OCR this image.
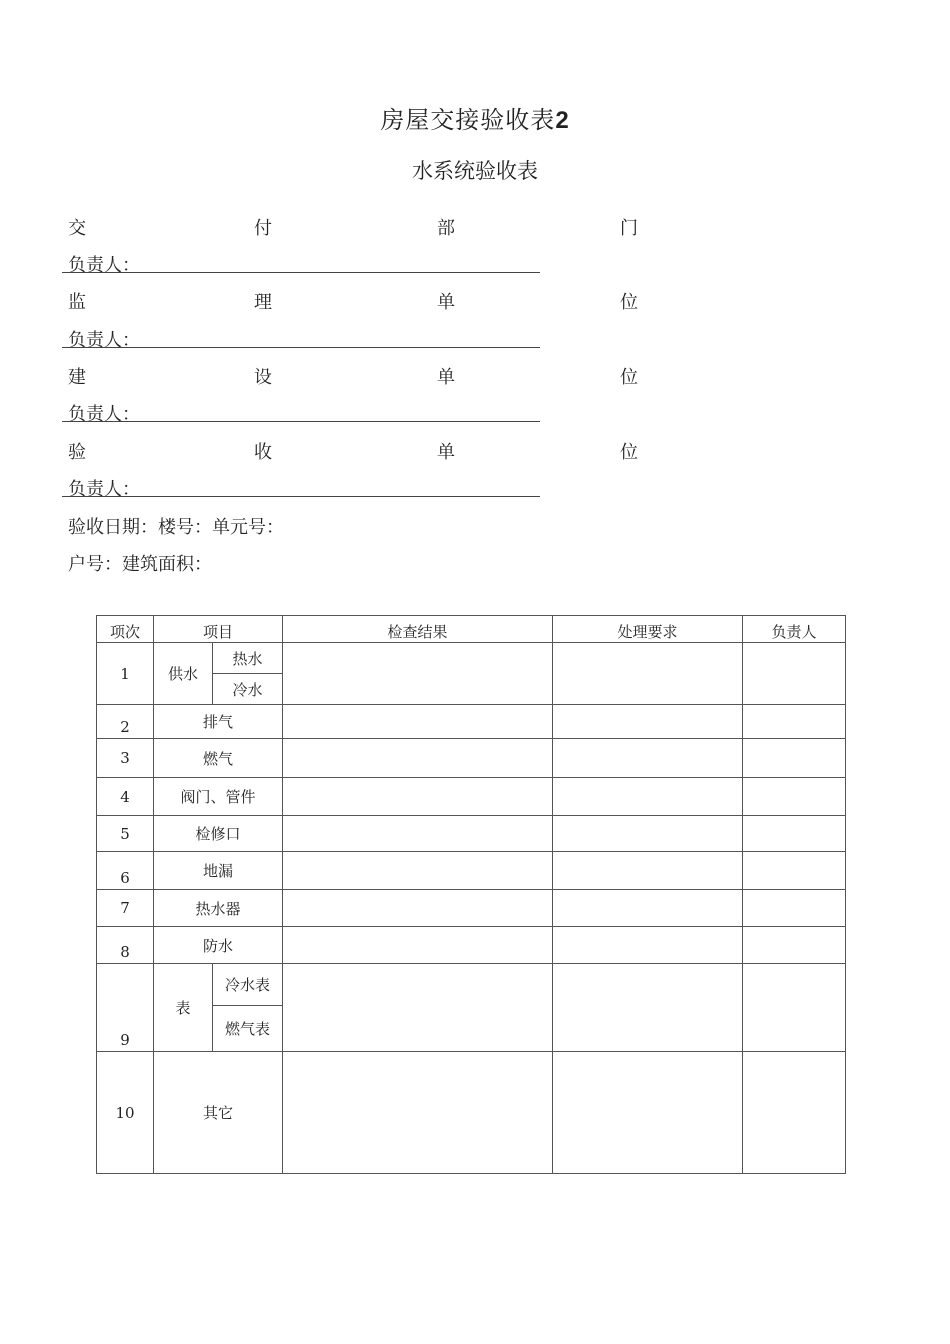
房屋交接验收表2
水系统验收表
交	付	部	门
负责人：
监	理	单	位
负责人：
建	设	单	位
负责人：
验	收	单	位
负责人：
验收日期：楼号：单元号：
户号：建筑面积：
项次	项目		检查结果	处理要求	负责人
1	供水	热水			
		冷水			
2	排气				
3	燃气				
4	阀门、管件				
5	检修口				
6	地漏				
7	热水器				
8	防水				
9	表	冷水表			
		燃气表			
10	其它				
